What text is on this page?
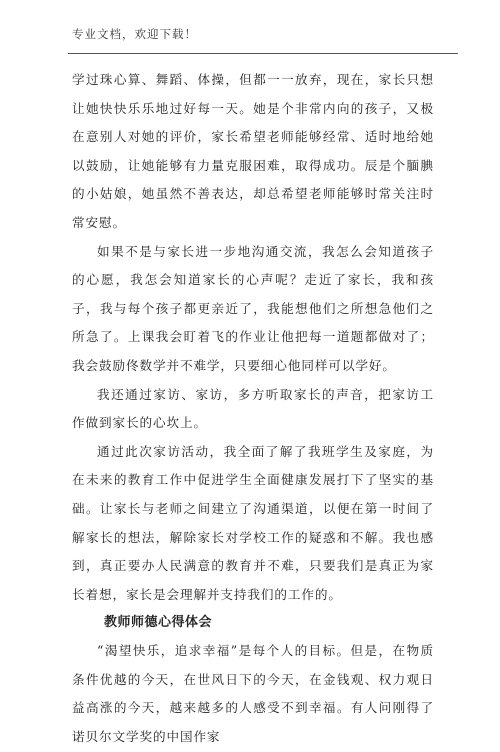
专业文档，欢迎下载！

学过珠心算、舞蹈、体操，但都一一放弃，现在，家长只想让她快快乐乐地过好每一天。她是个非常内向的孩子，又极在意别人对她的评价，家长希望老师能够经常、适时地给她以鼓励，让她能够有力量克服困难，取得成功。辰是个腼腆的小姑娘，她虽然不善表达，却总希望老师能够时常关注时常安慰。

如果不是与家长进一步地沟通交流，我怎么会知道孩子的心愿，我怎会知道家长的心声呢？走近了家长，我和孩子，我与每个孩子都更亲近了，我能想他们之所想急他们之所急了。上课我会盯着飞的作业让他把每一道题都做对了；我会鼓励佟数学并不难学，只要细心他同样可以学好。

我还通过家访、家访，多方听取家长的声音，把家访工作做到家长的心坎上。

通过此次家访活动，我全面了解了我班学生及家庭，为在未来的教育工作中促进学生全面健康发展打下了坚实的基础。让家长与老师之间建立了沟通渠道，以便在第一时间了解家长的想法，解除家长对学校工作的疑惑和不解。我也感到，真正要办人民满意的教育并不难，只要我们是真正为家长着想，家长是会理解并支持我们的工作的。

教师师德心得体会

“渴望快乐，追求幸福”是每个人的目标。但是，在物质条件优越的今天，在世风日下的今天，在金钱观、权力观日益高涨的今天，越来越多的人感受不到幸福。有人问刚得了诺贝尔文学奖的中国作家
